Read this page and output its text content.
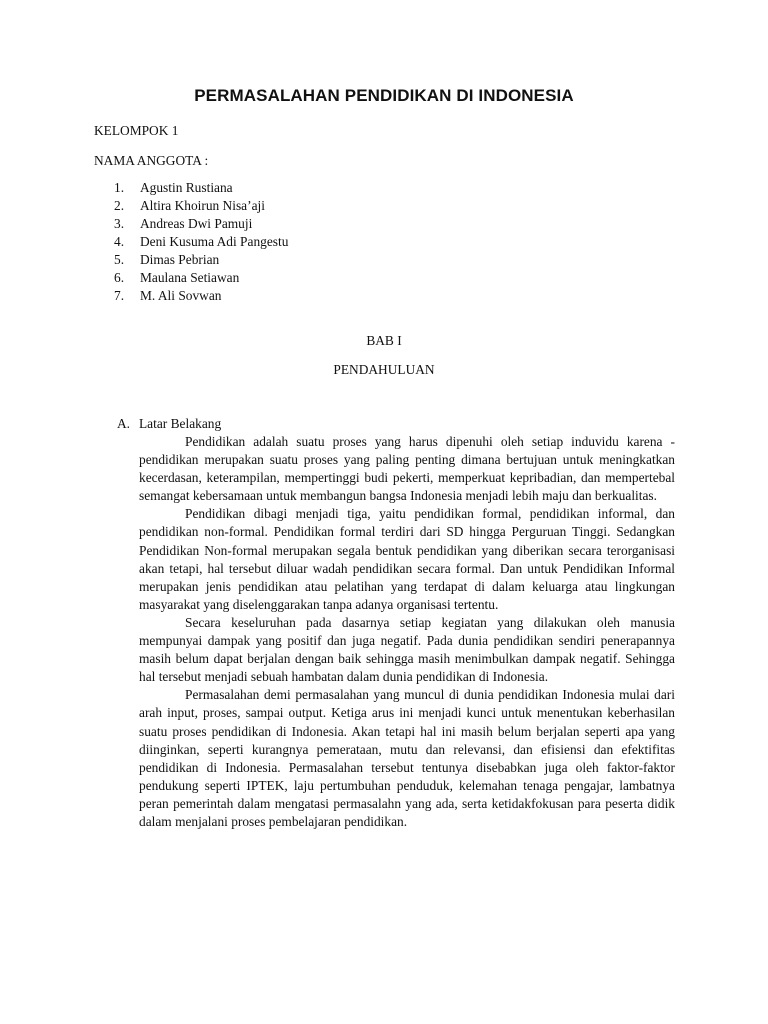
PERMASALAHAN PENDIDIKAN DI INDONESIA
KELOMPOK 1
NAMA ANGGOTA :
1. Agustin Rustiana
2. Altira Khoirun Nisa’aji
3. Andreas Dwi Pamuji
4. Deni Kusuma Adi Pangestu
5. Dimas Pebrian
6. Maulana Setiawan
7. M. Ali Sovwan
BAB I
PENDAHULUAN
A. Latar Belakang

Pendidikan adalah suatu proses yang harus dipenuhi oleh setiap induvidu karena -pendidikan merupakan suatu proses yang paling penting dimana bertujuan untuk meningkatkan kecerdasan, keterampilan, mempertinggi budi pekerti, memperkuat kepribadian, dan mempertebal semangat kebersamaan untuk membangun bangsa Indonesia menjadi lebih maju dan berkualitas.

Pendidikan dibagi menjadi tiga, yaitu pendidikan formal, pendidikan informal, dan pendidikan non-formal. Pendidikan formal terdiri dari SD hingga Perguruan Tinggi. Sedangkan Pendidikan Non-formal merupakan segala bentuk pendidikan yang diberikan secara terorganisasi akan tetapi, hal tersebut diluar wadah pendidikan secara formal. Dan untuk Pendidikan Informal merupakan jenis pendidikan atau pelatihan yang terdapat di dalam keluarga atau lingkungan masyarakat yang diselenggarakan tanpa adanya organisasi tertentu.

Secara keseluruhan pada dasarnya setiap kegiatan yang dilakukan oleh manusia mempunyai dampak yang positif dan juga negatif. Pada dunia pendidikan sendiri penerapannya masih belum dapat berjalan dengan baik sehingga masih menimbulkan dampak negatif. Sehingga hal tersebut menjadi sebuah hambatan dalam dunia pendidikan di Indonesia.

Permasalahan demi permasalahan yang muncul di dunia pendidikan Indonesia mulai dari arah input, proses, sampai output. Ketiga arus ini menjadi kunci untuk menentukan keberhasilan suatu proses pendidikan di Indonesia. Akan tetapi hal ini masih belum berjalan seperti apa yang diinginkan, seperti kurangnya pemerataan, mutu dan relevansi, dan efisiensi dan efektifitas pendidikan di Indonesia. Permasalahan tersebut tentunya disebabkan juga oleh faktor-faktor pendukung seperti IPTEK, laju pertumbuhan penduduk, kelemahan tenaga pengajar, lambatnya peran pemerintah dalam mengatasi permasalahn yang ada, serta ketidakfokusan para peserta didik dalam menjalani proses pembelajaran pendidikan.
